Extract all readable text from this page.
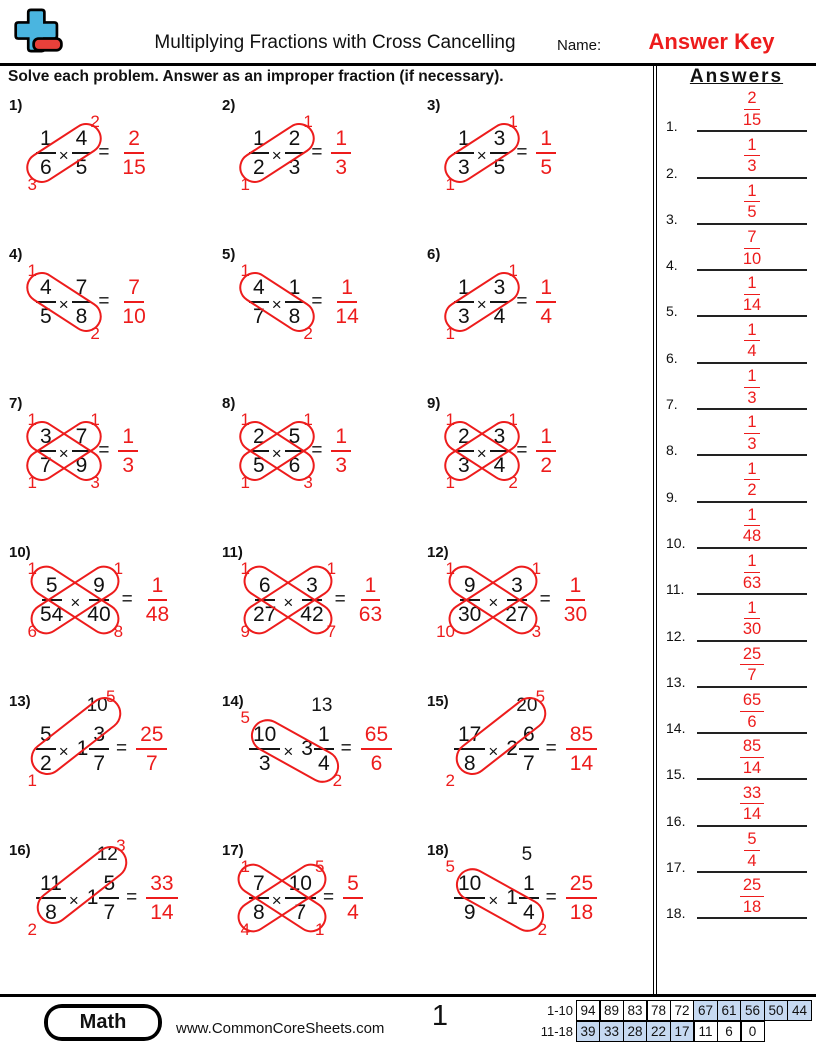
Multiplying Fractions with Cross Cancelling	Name:	Answer Key
Solve each problem. Answer as an improper fraction (if necessary).
1)
1
6
3
×
4
5
2
= $\frac{2}{15}$
2)
1
2
1
×
2
3
1
= $\frac{1}{3}$
3)
1
3
1
×
3
5
1
= $\frac{1}{5}$
4)
4
5
1
×
7
8
2
= $\frac{7}{10}$
5)
4
7
1
×
1
8
2
= $\frac{1}{14}$
6)
1
3
1
×
3
4
1
= $\frac{1}{4}$
7)
3
7
1
1
×
7
9
1
3
= $\frac{1}{3}$
8)
2
5
1
1
×
5
6
1
3
= $\frac{1}{3}$
9)
2
3
1
1
×
3
4
1
2
= $\frac{1}{2}$
10)
5
54
1
6
×
9
40
1
8
= $\frac{1}{48}$
11)
6
27
1
9
×
3
42
1
7
= $\frac{1}{63}$
12)
9
30
1
10
×
3
27
1
3
= $\frac{1}{30}$
13)
5
2
1
× 1
10
3
7
5
= $\frac{25}{7}$
14)
10
3
5
× 3
13
1
4
2
= $\frac{65}{6}$
15)
17
8
2
× 2
20
6
7
5
= $\frac{85}{14}$
16)
11
8
2
× 1
12
5
7
3
= $\frac{33}{14}$
17)
7
8
1
4
×
10
7
5
1
= $\frac{5}{4}$
18)
10
9
5
× 1
5
1
4
2
= $\frac{25}{18}$
Answers
1.
2
15
2.
1
3
3.
1
5
4.
7
10
5.
1
14
6.
1
4
7.
1
3
8.
1
3
9.
1
2
10.
1
48
11.
1
63
12.
1
30
13.
25
7
14.
65
6
15.
85
14
16.
33
14
17.
5
4
18.
25
18
Math	www.CommonCoreSheets.com	1	1-10 94 89 83 78 72 67 61 56 50 44
11-18 39 33 28 22 17 11 6	0
